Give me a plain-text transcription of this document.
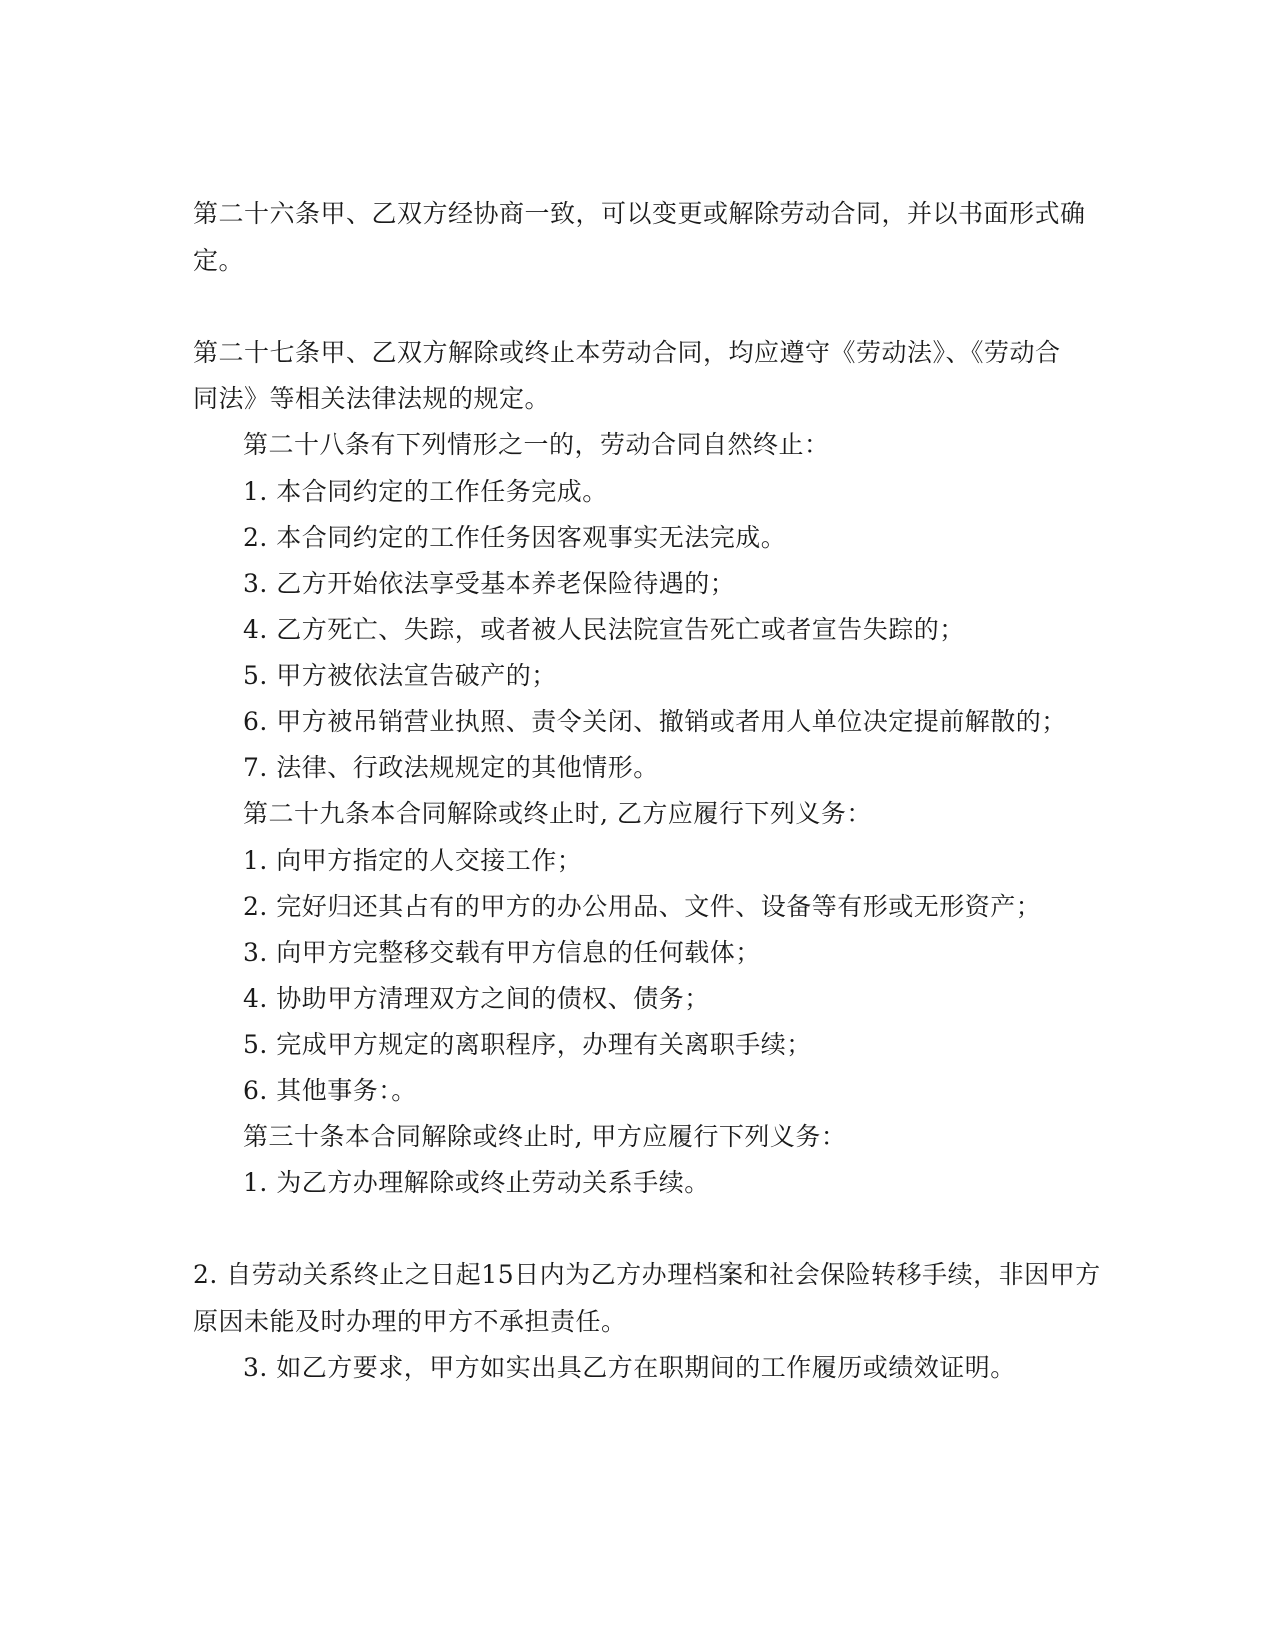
第二十六条甲、乙双方经协商一致，可以变更或解除劳动合同，并以书面形式确
定。
第二十七条甲、乙双方解除或终止本劳动合同，均应遵守《劳动法》、《劳动合
同法》等相关法律法规的规定。
第二十八条有下列情形之一的，劳动合同自然终止：
1. 本合同约定的工作任务完成。
2. 本合同约定的工作任务因客观事实无法完成。
3. 乙方开始依法享受基本养老保险待遇的；
4. 乙方死亡、失踪，或者被人民法院宣告死亡或者宣告失踪的；
5. 甲方被依法宣告破产的；
6. 甲方被吊销营业执照、责令关闭、撤销或者用人单位决定提前解散的；
7. 法律、行政法规规定的其他情形。
第二十九条本合同解除或终止时, 乙方应履行下列义务：
1. 向甲方指定的人交接工作；
2. 完好归还其占有的甲方的办公用品、文件、设备等有形或无形资产；
3. 向甲方完整移交载有甲方信息的任何载体；
4. 协助甲方清理双方之间的债权、债务；
5. 完成甲方规定的离职程序，办理有关离职手续；
6. 其他事务：。
第三十条本合同解除或终止时, 甲方应履行下列义务：
1. 为乙方办理解除或终止劳动关系手续。
2. 自劳动关系终止之日起15日内为乙方办理档案和社会保险转移手续，非因甲方
原因未能及时办理的甲方不承担责任。
3. 如乙方要求，甲方如实出具乙方在职期间的工作履历或绩效证明。
